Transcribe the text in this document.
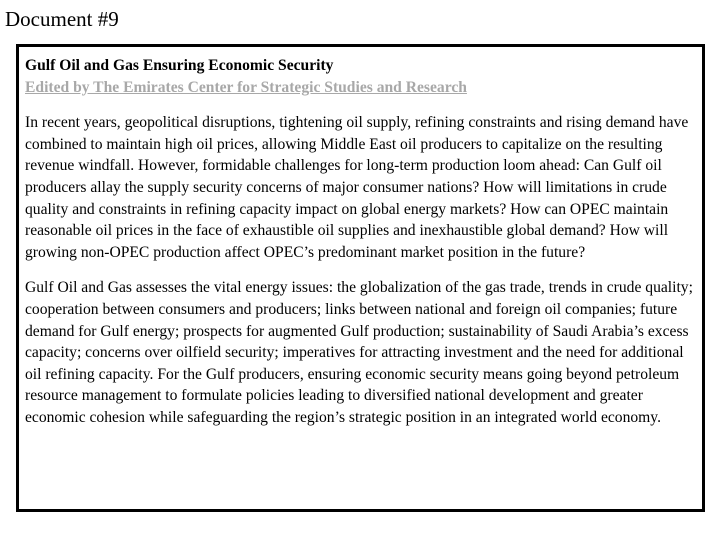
Document #9

Gulf Oil and Gas Ensuring Economic Security

Edited by The Emirates Center for Strategic Studies and Research

In recent years, geopolitical disruptions, tightening oil supply, refining constraints and rising demand have combined to maintain high oil prices, allowing Middle East oil producers to capitalize on the resulting revenue windfall. However, formidable challenges for long-term production loom ahead: Can Gulf oil producers allay the supply security concerns of major consumer nations? How will limitations in crude quality and constraints in refining capacity impact on global energy markets? How can OPEC maintain reasonable oil prices in the face of exhaustible oil supplies and inexhaustible global demand? How will growing non-OPEC production affect OPEC’s predominant market position in the future?

Gulf Oil and Gas assesses the vital energy issues: the globalization of the gas trade, trends in crude quality; cooperation between consumers and producers; links between national and foreign oil companies; future demand for Gulf energy; prospects for augmented Gulf production; sustainability of Saudi Arabia’s excess capacity; concerns over oilfield security; imperatives for attracting investment and the need for additional oil refining capacity. For the Gulf producers, ensuring economic security means going beyond petroleum resource management to formulate policies leading to diversified national development and greater economic cohesion while safeguarding the region’s strategic position in an integrated world economy.
